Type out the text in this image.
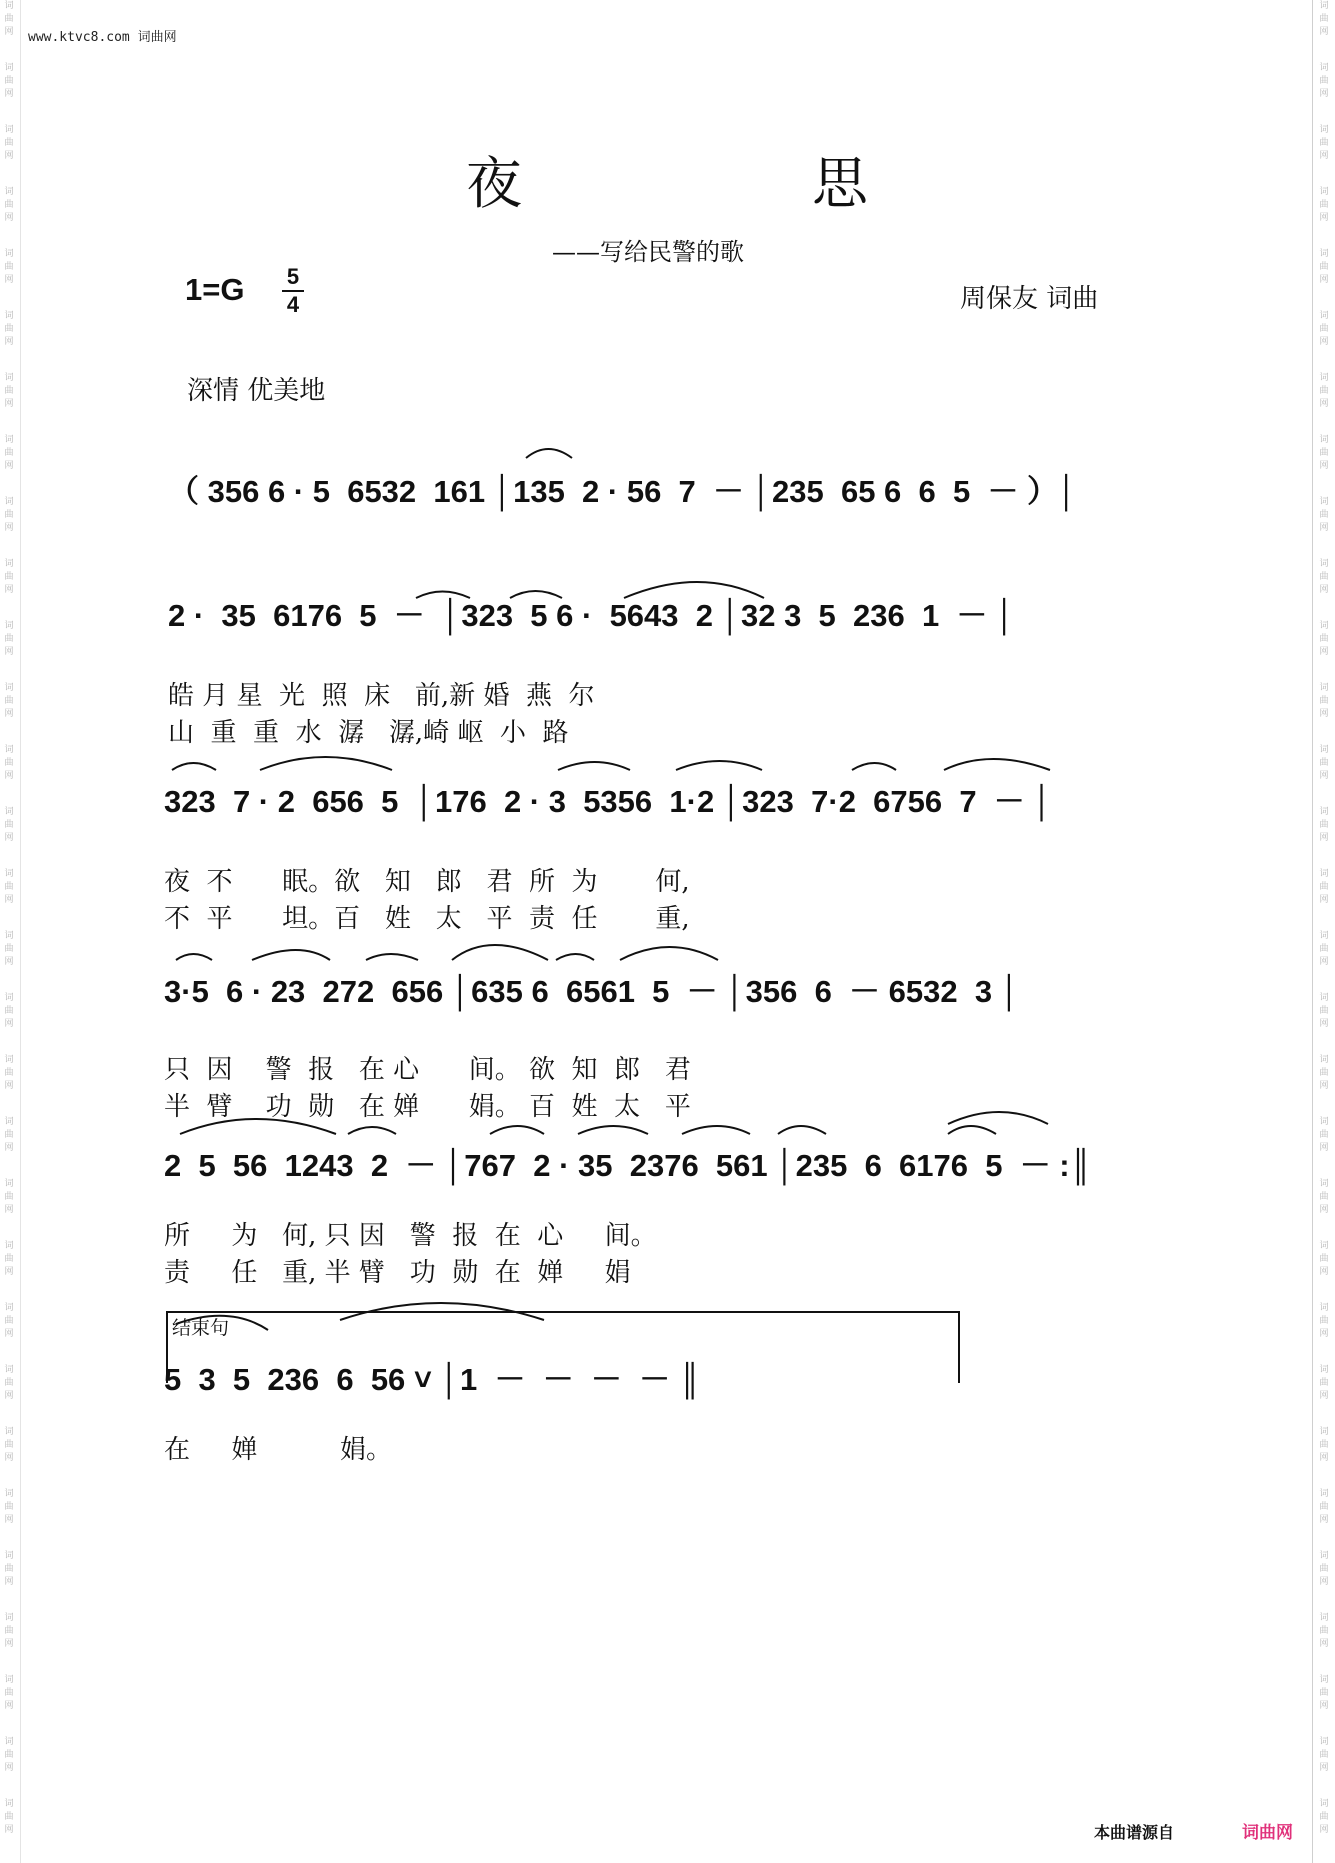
词
曲
网
词
曲
网
词
曲
网
词
曲
网
词
曲
网
词
曲
网
词
曲
网
词
曲
网
词
曲
网
词
曲
网
词
曲
网
词
曲
网
词
曲
网
词
曲
网
词
曲
网
词
曲
网
词
曲
网
词
曲
网
词
曲
网
词
曲
网
词
曲
网
词
曲
网
词
曲
网
词
曲
网
词
曲
网
词
曲
网
词
曲
网
词
曲
网
词
曲
网
词
曲
网
词
曲
网
词
曲
网
词
曲
网
词
曲
网
词
曲
网
词
曲
网
词
曲
网
词
曲
网
词
曲
网
词
曲
网
词
曲
网
词
曲
网
词
曲
网
词
曲
网
词
曲
网
词
曲
网
词
曲
网
词
曲
网
词
曲
网
词
曲
网
词
曲
网
词
曲
网
词
曲
网
词
曲
网
词
曲
网
词
曲
网
词
曲
网
词
曲
网
词
曲
网
词
曲
网
www.ktvc8.com 词曲网
夜	思
——写给民警的歌
1=G 5
4	周保友 词曲
深情 优美地
（ 356 6 · 5  6532  161 │135  2 · 56  7  － │235  65 6  6  5  － ）│
2 ·  35  6176  5  －  │323  5 6 ·  5643  2 │32 3  5  236  1  － │
皓 月 星  光  照  床   前,新 婚  燕  尔
山  重  重  水  潺   潺,崎 岖  小  路
323  7 · 2  656  5  │176  2 · 3  5356  1·2 │323  7·2  6756  7  － │
夜  不      眠。欲   知   郎   君  所  为       何,
不  平      坦。百   姓   太   平  责  任       重,
3·5  6 · 23  272  656 │635 6  6561  5  － │356  6  － 6532  3 │
只  因    警  报   在 心      间。 欲  知  郎   君
半  臂    功  勋   在 婵      娟。 百  姓  太   平
2  5  56  1243  2  － │767  2 · 35  2376  561 │235  6  6176  5  － :║
所     为   何, 只 因   警  报  在  心     间。
责     任   重, 半 臂   功  勋  在  婵     娟
结束句
5  3  5  236  6  56 ˅ │1  －  －  －  － ║
在     婵          娟。
本曲谱源自	词曲网
